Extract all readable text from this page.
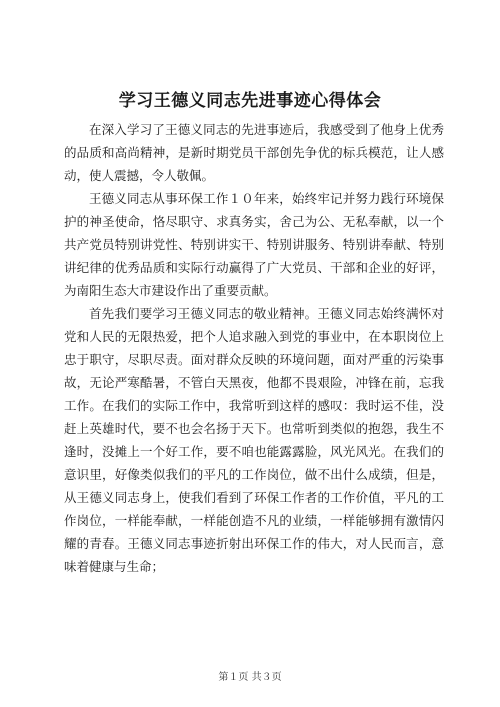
学习王德义同志先进事迹心得体会

在深入学习了王德义同志的先进事迹后，我感受到了他身上优秀的品质和高尚精神，是新时期党员干部创先争优的标兵模范，让人感动，使人震撼，令人敬佩。

王德义同志从事环保工作１０年来，始终牢记并努力践行环境保护的神圣使命，恪尽职守、求真务实，舍己为公、无私奉献，以一个共产党员特别讲党性、特别讲实干、特别讲服务、特别讲奉献、特别讲纪律的优秀品质和实际行动赢得了广大党员、干部和企业的好评，为南阳生态大市建设作出了重要贡献。

首先我们要学习王德义同志的敬业精神。王德义同志始终满怀对党和人民的无限热爱，把个人追求融入到党的事业中，在本职岗位上忠于职守，尽职尽责。面对群众反映的环境问题，面对严重的污染事故，无论严寒酷暑，不管白天黑夜，他都不畏艰险，冲锋在前，忘我工作。在我们的实际工作中，我常听到这样的感叹：我时运不佳，没赶上英雄时代，要不也会名扬于天下。也常听到类似的抱怨，我生不逢时，没摊上一个好工作，要不咱也能露露脸，风光风光。在我们的意识里，好像类似我们的平凡的工作岗位，做不出什么成绩，但是，从王德义同志身上，使我们看到了环保工作者的工作价值，平凡的工作岗位，一样能奉献，一样能创造不凡的业绩，一样能够拥有激情闪耀的青春。王德义同志事迹折射出环保工作的伟大，对人民而言，意味着健康与生命；

第１页 共３页
